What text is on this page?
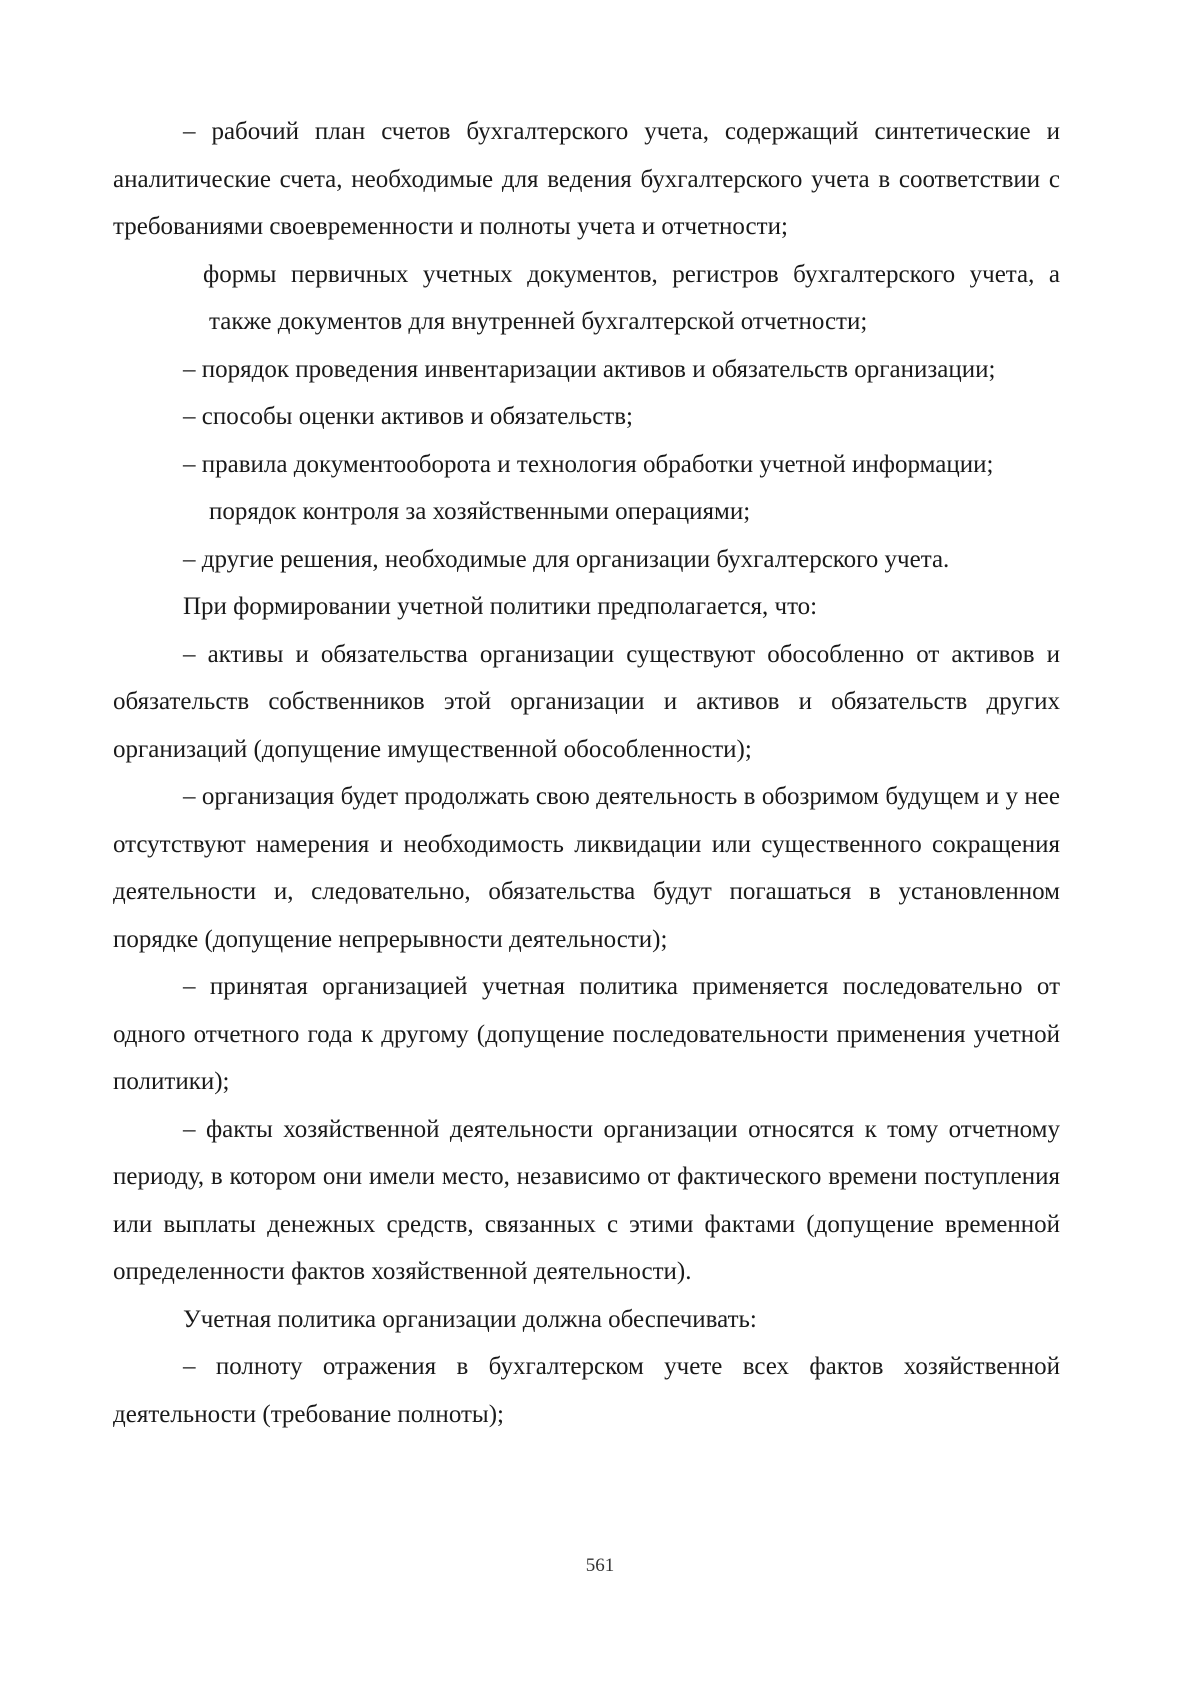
– рабочий план счетов бухгалтерского учета, содержащий синтетические и аналитические счета, необходимые для ведения бухгалтерского учета в соответствии с требованиями своевременности и полноты учета и отчетности;

формы первичных учетных документов, регистров бухгалтерского учета, а также документов для внутренней бухгалтерской отчетности;

– порядок проведения инвентаризации активов и обязательств организации;

– способы оценки активов и обязательств;

– правила документооборота и технология обработки учетной информации;

порядок контроля за хозяйственными операциями;

– другие решения, необходимые для организации бухгалтерского учета.

При формировании учетной политики предполагается, что:

– активы и обязательства организации существуют обособленно от активов и обязательств собственников этой организации и активов и обязательств других организаций (допущение имущественной обособленности);

– организация будет продолжать свою деятельность в обозримом будущем и у нее отсутствуют намерения и необходимость ликвидации или существенного сокращения деятельности и, следовательно, обязательства будут погашаться в установленном порядке (допущение непрерывности деятельности);

– принятая организацией учетная политика применяется последовательно от одного отчетного года к другому (допущение последовательности применения учетной политики);

– факты хозяйственной деятельности организации относятся к тому отчетному периоду, в котором они имели место, независимо от фактического времени поступления или выплаты денежных средств, связанных с этими фактами (допущение временной определенности фактов хозяйственной деятельности).

Учетная политика организации должна обеспечивать:

– полноту отражения в бухгалтерском учете всех фактов хозяйственной деятельности (требование полноты);

561
